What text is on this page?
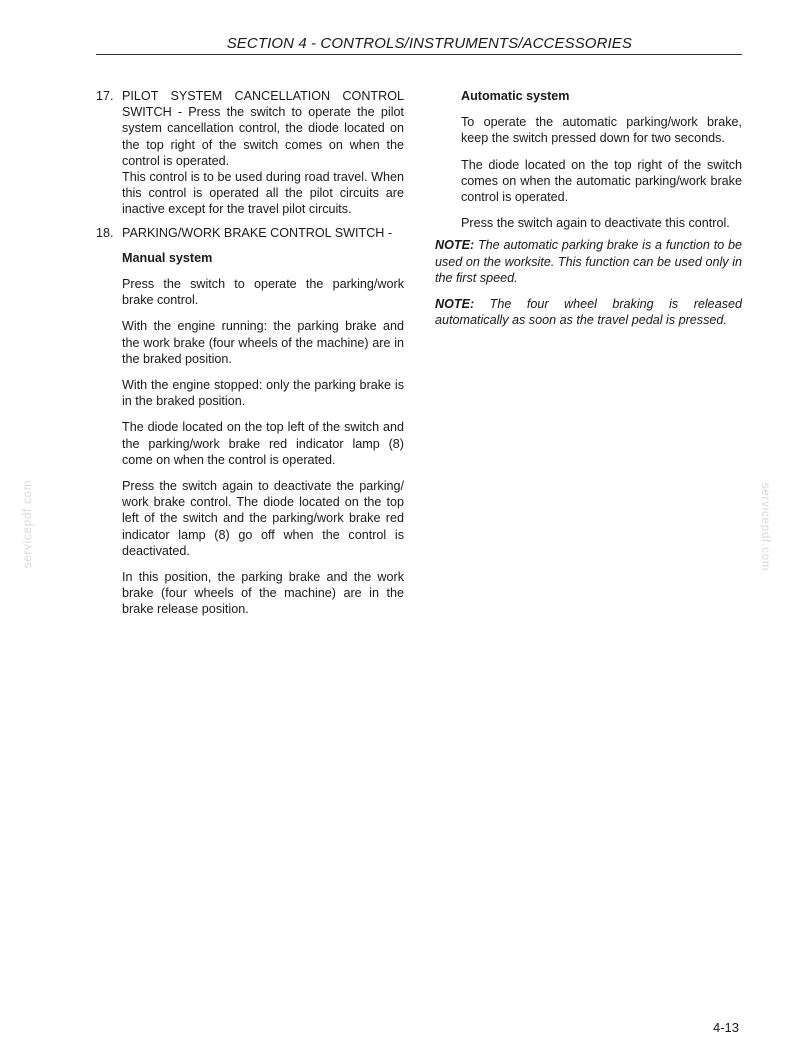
SECTION 4 - CONTROLS/INSTRUMENTS/ACCESSORIES
17. PILOT SYSTEM CANCELLATION CONTROL SWITCH - Press the switch to operate the pilot system cancellation control, the diode located on the top right of the switch comes on when the control is operated.

This control is to be used during road travel. When this control is operated all the pilot circuits are inactive except for the travel pilot circuits.

18. PARKING/WORK BRAKE CONTROL SWITCH -

Manual system

Press the switch to operate the parking/work brake control.

With the engine running: the parking brake and the work brake (four wheels of the machine) are in the braked position.

With the engine stopped: only the parking brake is in the braked position.

The diode located on the top left of the switch and the parking/work brake red indicator lamp (8) come on when the control is operated.

Press the switch again to deactivate the parking/ work brake control. The diode located on the top left of the switch and the parking/work brake red indicator lamp (8) go off when the control is deactivated.

In this position, the parking brake and the work brake (four wheels of the machine) are in the brake release position.

Automatic system

To operate the automatic parking/work brake, keep the switch pressed down for two seconds.

The diode located on the top right of the switch comes on when the automatic parking/work brake control is operated.

Press the switch again to deactivate this control.

NOTE: The automatic parking brake is a function to be used on the worksite. This function can be used only in the first speed.

NOTE: The four wheel braking is released automatically as soon as the travel pedal is pressed.

servicepdf.com	servicepdf.com
4-13
